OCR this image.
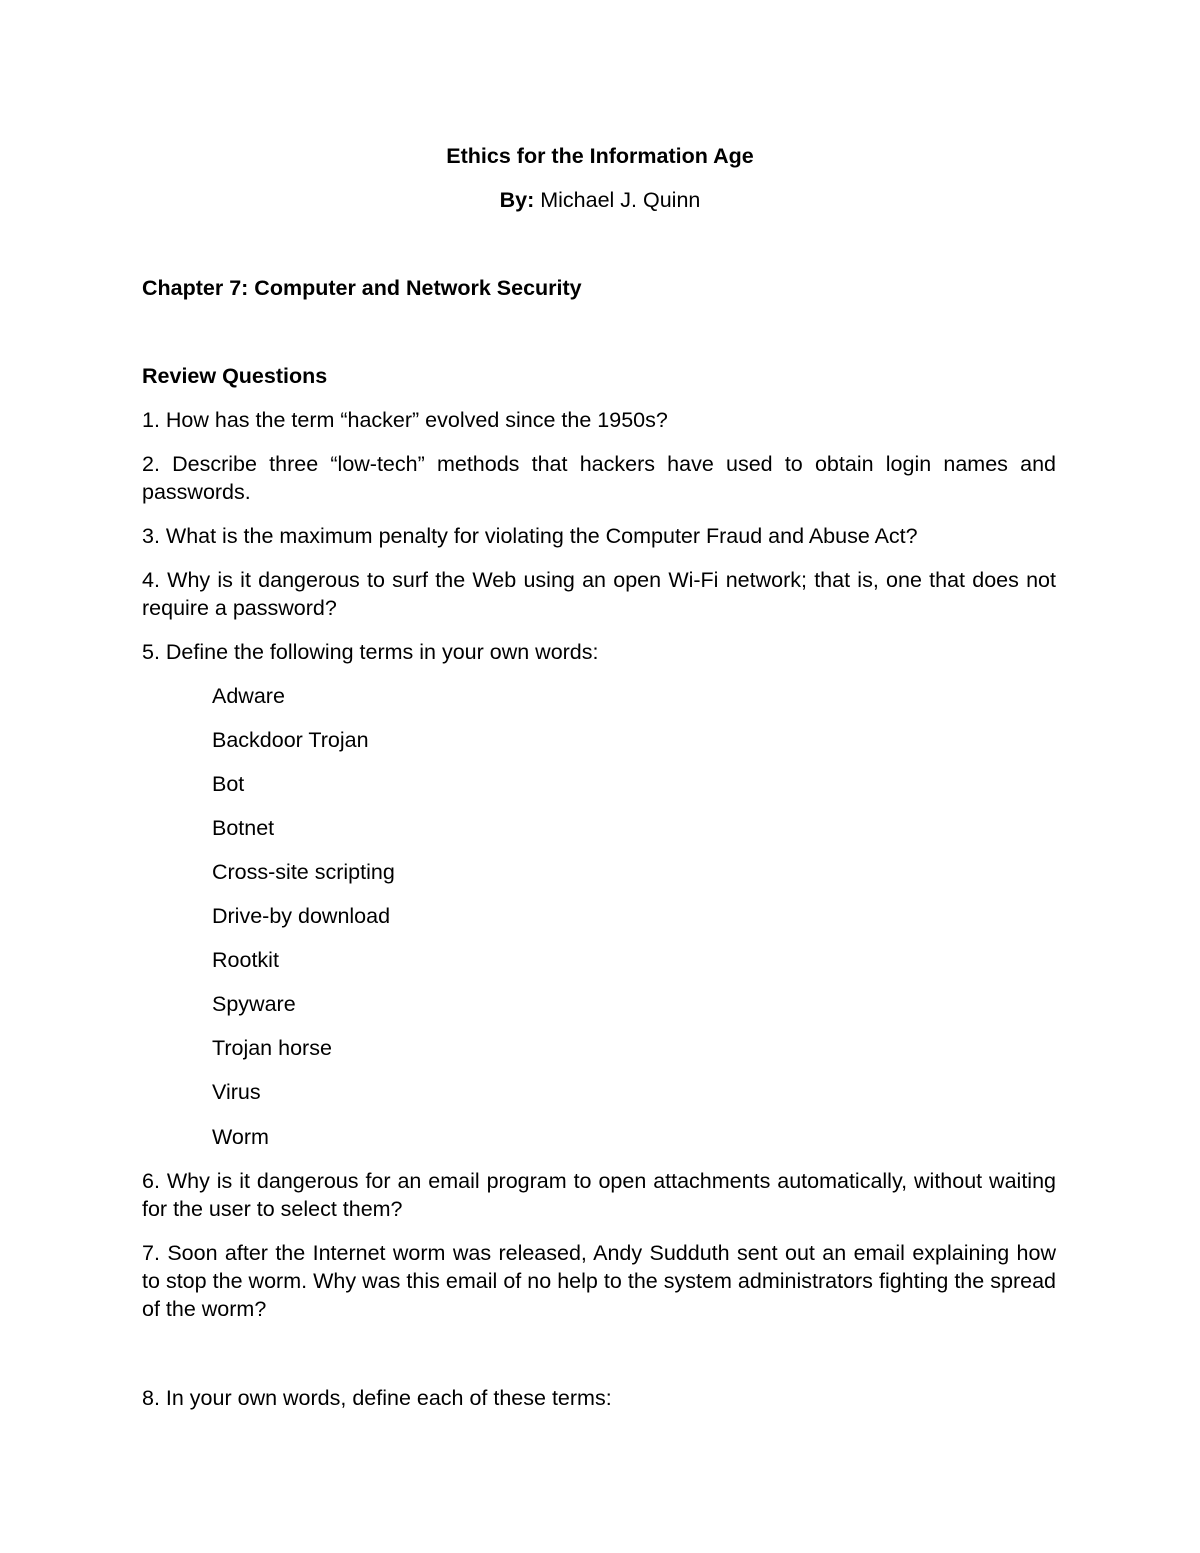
Ethics for the Information Age

By: Michael J. Quinn

Chapter 7: Computer and Network Security

Review Questions

1. How has the term “hacker” evolved since the 1950s?

2. Describe three “low-tech” methods that hackers have used to obtain login names and passwords.

3. What is the maximum penalty for violating the Computer Fraud and Abuse Act?

4. Why is it dangerous to surf the Web using an open Wi-Fi network; that is, one that does not require a password?

5. Define the following terms in your own words:

Adware

Backdoor Trojan

Bot

Botnet

Cross-site scripting

Drive-by download

Rootkit

Spyware

Trojan horse

Virus

Worm

6. Why is it dangerous for an email program to open attachments automatically, without waiting for the user to select them?

7. Soon after the Internet worm was released, Andy Sudduth sent out an email explaining how to stop the worm. Why was this email of no help to the system administrators fighting the spread of the worm?

8. In your own words, define each of these terms:
